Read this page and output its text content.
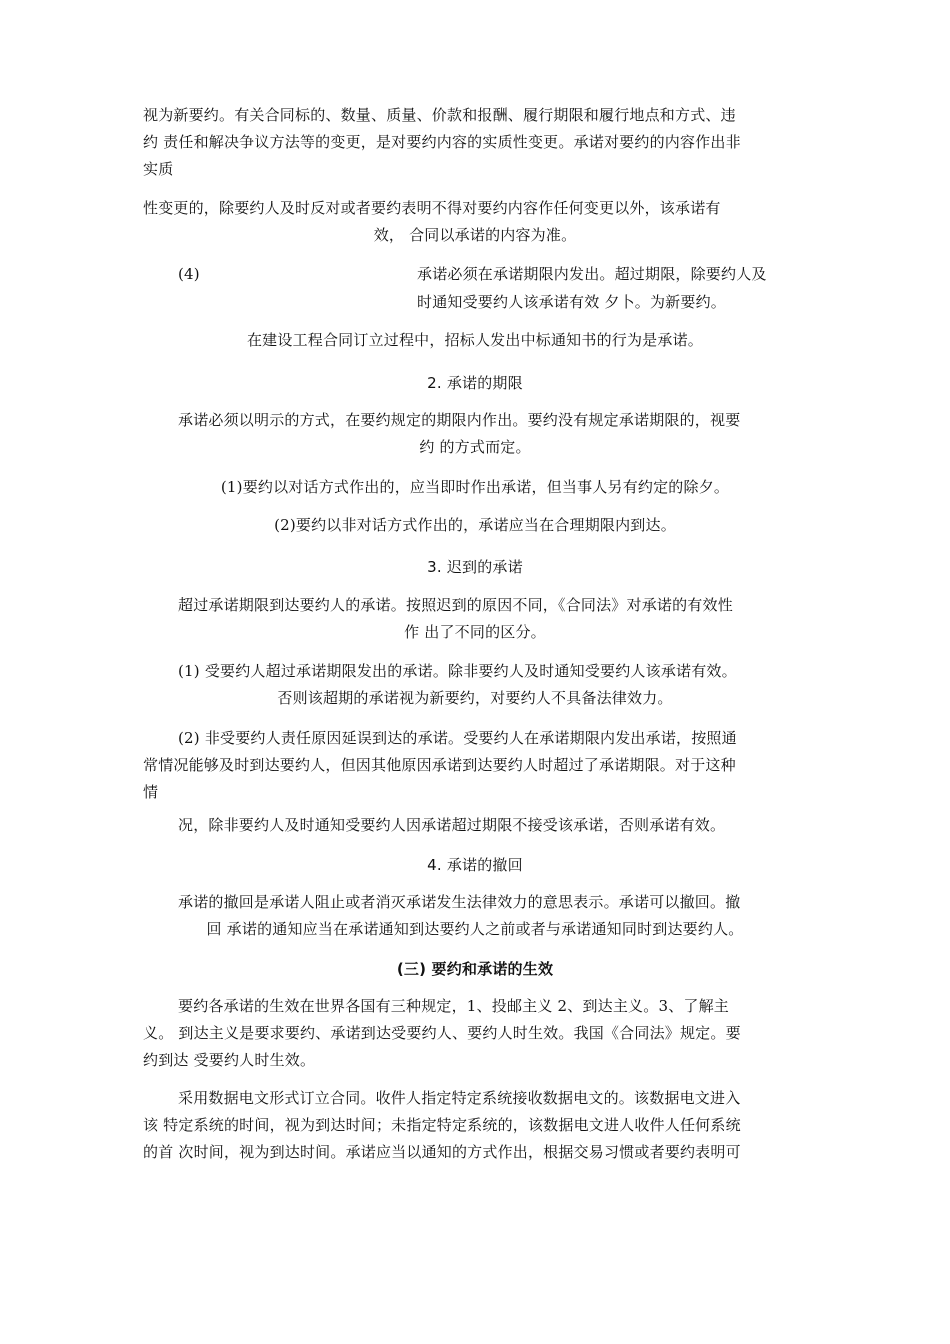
视为新要约。有关合同标的、数量、质量、价款和报酬、履行期限和履行地点和方式、违
约 责任和解决争议方法等的变更，是对要约内容的实质性变更。承诺对要约的内容作出非
实质
性变更的，除要约人及时反对或者要约表明不得对要约内容作任何变更以外，该承诺有
效， 合同以承诺的内容为准。
(4)	承诺必须在承诺期限内发出。超过期限，除要约人及
时通知受要约人该承诺有效 夕卜。为新要约。
在建设工程合同订立过程中，招标人发出中标通知书的行为是承诺。
2. 承诺的期限
承诺必须以明示的方式，在要约规定的期限内作出。要约没有规定承诺期限的，视要
约 的方式而定。
(1)要约以对话方式作出的，应当即时作出承诺，但当事人另有约定的除夕。
(2)要约以非对话方式作出的，承诺应当在合理期限内到达。
3. 迟到的承诺
超过承诺期限到达要约人的承诺。按照迟到的原因不同，《合同法》对承诺的有效性
作 出了不同的区分。
(1) 受要约人超过承诺期限发出的承诺。除非要约人及时通知受要约人该承诺有效。
否则该超期的承诺视为新要约，对要约人不具备法律效力。
(2) 非受要约人责任原因延误到达的承诺。受要约人在承诺期限内发出承诺，按照通
常情况能够及时到达要约人，但因其他原因承诺到达要约人时超过了承诺期限。对于这种
情
况，除非要约人及时通知受要约人因承诺超过期限不接受该承诺，否则承诺有效。
4. 承诺的撤回
承诺的撤回是承诺人阻止或者消灭承诺发生法律效力的意思表示。承诺可以撤回。撤
回 承诺的通知应当在承诺通知到达要约人之前或者与承诺通知同时到达要约人。
(三) 要约和承诺的生效
要约各承诺的生效在世界各国有三种规定，1、投邮主义 2、到达主义。3、了解主
义。 到达主义是要求要约、承诺到达受要约人、要约人时生效。我国《合同法》规定。要
约到达 受要约人时生效。
采用数据电文形式订立合同。收件人指定特定系统接收数据电文的。该数据电文进入
该 特定系统的时间，视为到达时间；未指定特定系统的，该数据电文进人收件人任何系统
的首 次时间，视为到达时间。承诺应当以通知的方式作出，根据交易习惯或者要约表明可
